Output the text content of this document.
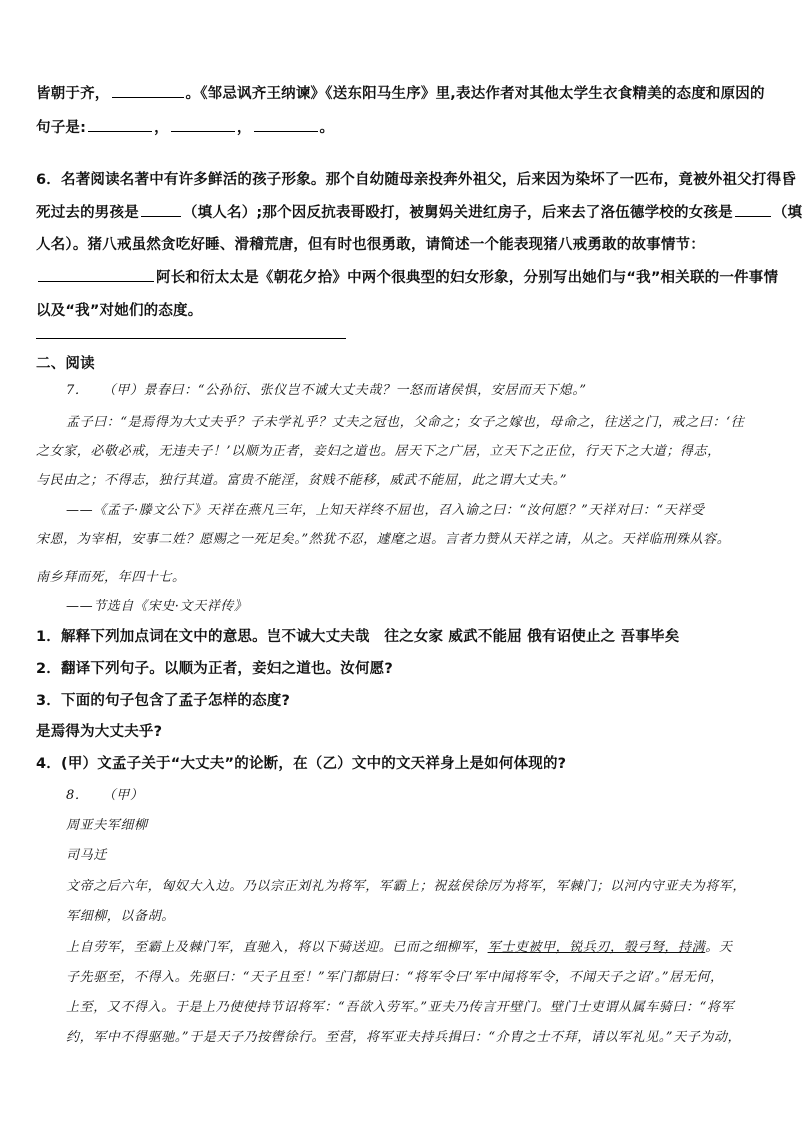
皆朝于齐，	。《邹忌讽齐王纳谏》《送东阳马生序》里,表达作者对其他太学生衣食精美的态度和原因的
句子是:	，	，	。
6．名著阅读名著中有许多鲜活的孩子形象。那个自幼随母亲投奔外祖父，后来因为染坏了一匹布，竟被外祖父打得昏
死过去的男孩是	（填人名）;那个因反抗表哥殴打，被舅妈关进红房子，后来去了洛伍德学校的女孩是	（填
人名）。猪八戒虽然贪吃好睡、滑稽荒唐，但有时也很勇敢，请简述一个能表现猪八戒勇敢的故事情节：
阿长和衍太太是《朝花夕拾》中两个很典型的妇女形象，分别写出她们与“我”相关联的一件事情
以及“我”对她们的态度。
二、阅读
7．　　（甲）景春曰：“公孙衍、张仪岂不诚大丈夫哉？一怒而诸侯惧，安居而天下熄。”
孟子曰：“是焉得为大丈夫乎？子未学礼乎？丈夫之冠也，父命之；女子之嫁也，母命之，往送之门，戒之曰：‘往
之女家，必敬必戒，无违夫子！’以顺为正者，妾妇之道也。居天下之广居，立天下之正位，行天下之大道；得志，
与民由之；不得志，独行其道。富贵不能淫，贫贱不能移，威武不能屈，此之谓大丈夫。”
——《孟子·滕文公下》天祥在燕凡三年，上知天祥终不屈也，召入谕之曰：“汝何愿？”天祥对曰：“天祥受
宋恩，为宰相，安事二姓？愿赐之一死足矣。”然犹不忍，遽麾之退。言者力赞从天祥之请，从之。天祥临刑殊从容。
南乡拜而死，年四十七。
——节选自《宋史·文天祥传》
1．解释下列加点词在文中的意思。岂不诚大丈夫哉　往之女家 威武不能屈 俄有诏使止之 吾事毕矣
2．翻译下列句子。以顺为正者，妾妇之道也。汝何愿?
3．下面的句子包含了孟子怎样的态度?
是焉得为大丈夫乎?
4．(甲）文孟子关于“大丈夫”的论断，在（乙）文中的文天祥身上是如何体现的?
8．　　（甲）
周亚夫军细柳
司马迁
文帝之后六年，匈奴大入边。乃以宗正刘礼为将军，军霸上；祝兹侯徐厉为将军，军棘门；以河内守亚夫为将军，
军细柳，以备胡。
上自劳军，至霸上及棘门军，直驰入，将以下骑送迎。已而之细柳军，军士吏被甲，锐兵刃，彀弓弩，持满。天
子先驱至，不得入。先驱曰：“天子且至！”军门都尉曰：“将军令曰‘军中闻将军令，不闻天子之诏’。”居无何，
上至，又不得入。于是上乃使使持节诏将军：“吾欲入劳军。”亚夫乃传言开壁门。壁门士吏谓从属车骑曰：“将军
约，军中不得驱驰。”于是天子乃按辔徐行。至营，将军亚夫持兵揖曰：“介胄之士不拜，请以军礼见。”天子为动，
